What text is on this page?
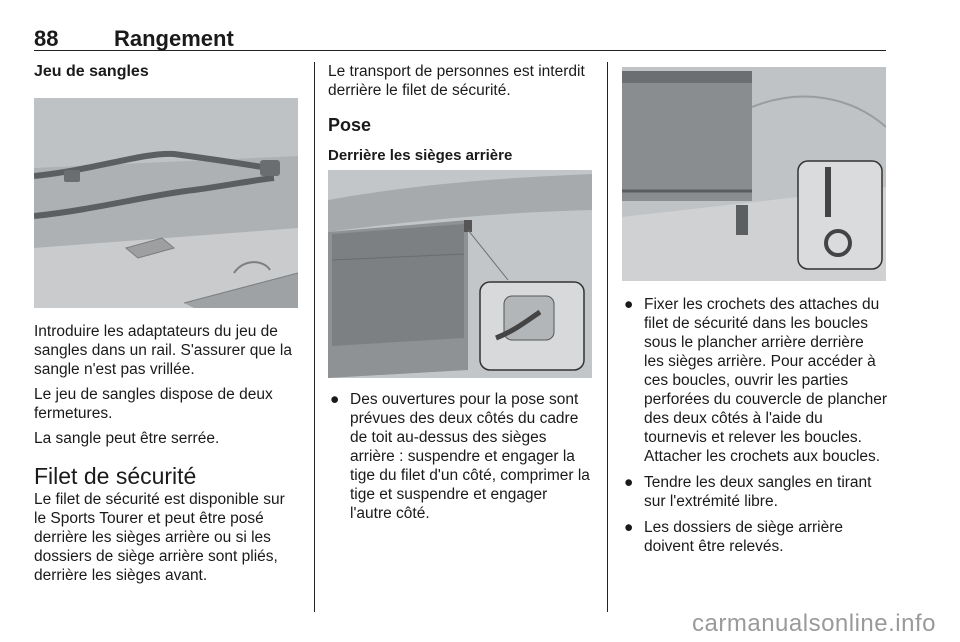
88	Rangement
Jeu de sangles

Introduire les adaptateurs du jeu de sangles dans un rail. S'assurer que la sangle n'est pas vrillée.

Le jeu de sangles dispose de deux fermetures.

La sangle peut être serrée.

Filet de sécurité

Le filet de sécurité est disponible sur le Sports Tourer et peut être posé derrière les sièges arrière ou si les dossiers de siège arrière sont pliés, derrière les sièges avant.

Le transport de personnes est interdit derrière le filet de sécurité.

Pose
Derrière les sièges arrière
● Des ouvertures pour la pose sont prévues des deux côtés du cadre de toit au-dessus des sièges arrière : suspendre et engager la tige du filet d'un côté, comprimer la tige et suspendre et engager l'autre côté.
● Fixer les crochets des attaches du filet de sécurité dans les boucles sous le plancher arrière derrière les sièges arrière. Pour accéder à ces boucles, ouvrir les parties perforées du couvercle de plancher des deux côtés à l'aide du tournevis et relever les boucles. Attacher les crochets aux boucles.
● Tendre les deux sangles en tirant sur l'extrémité libre.
● Les dossiers de siège arrière doivent être relevés.
carmanualsonline.info
